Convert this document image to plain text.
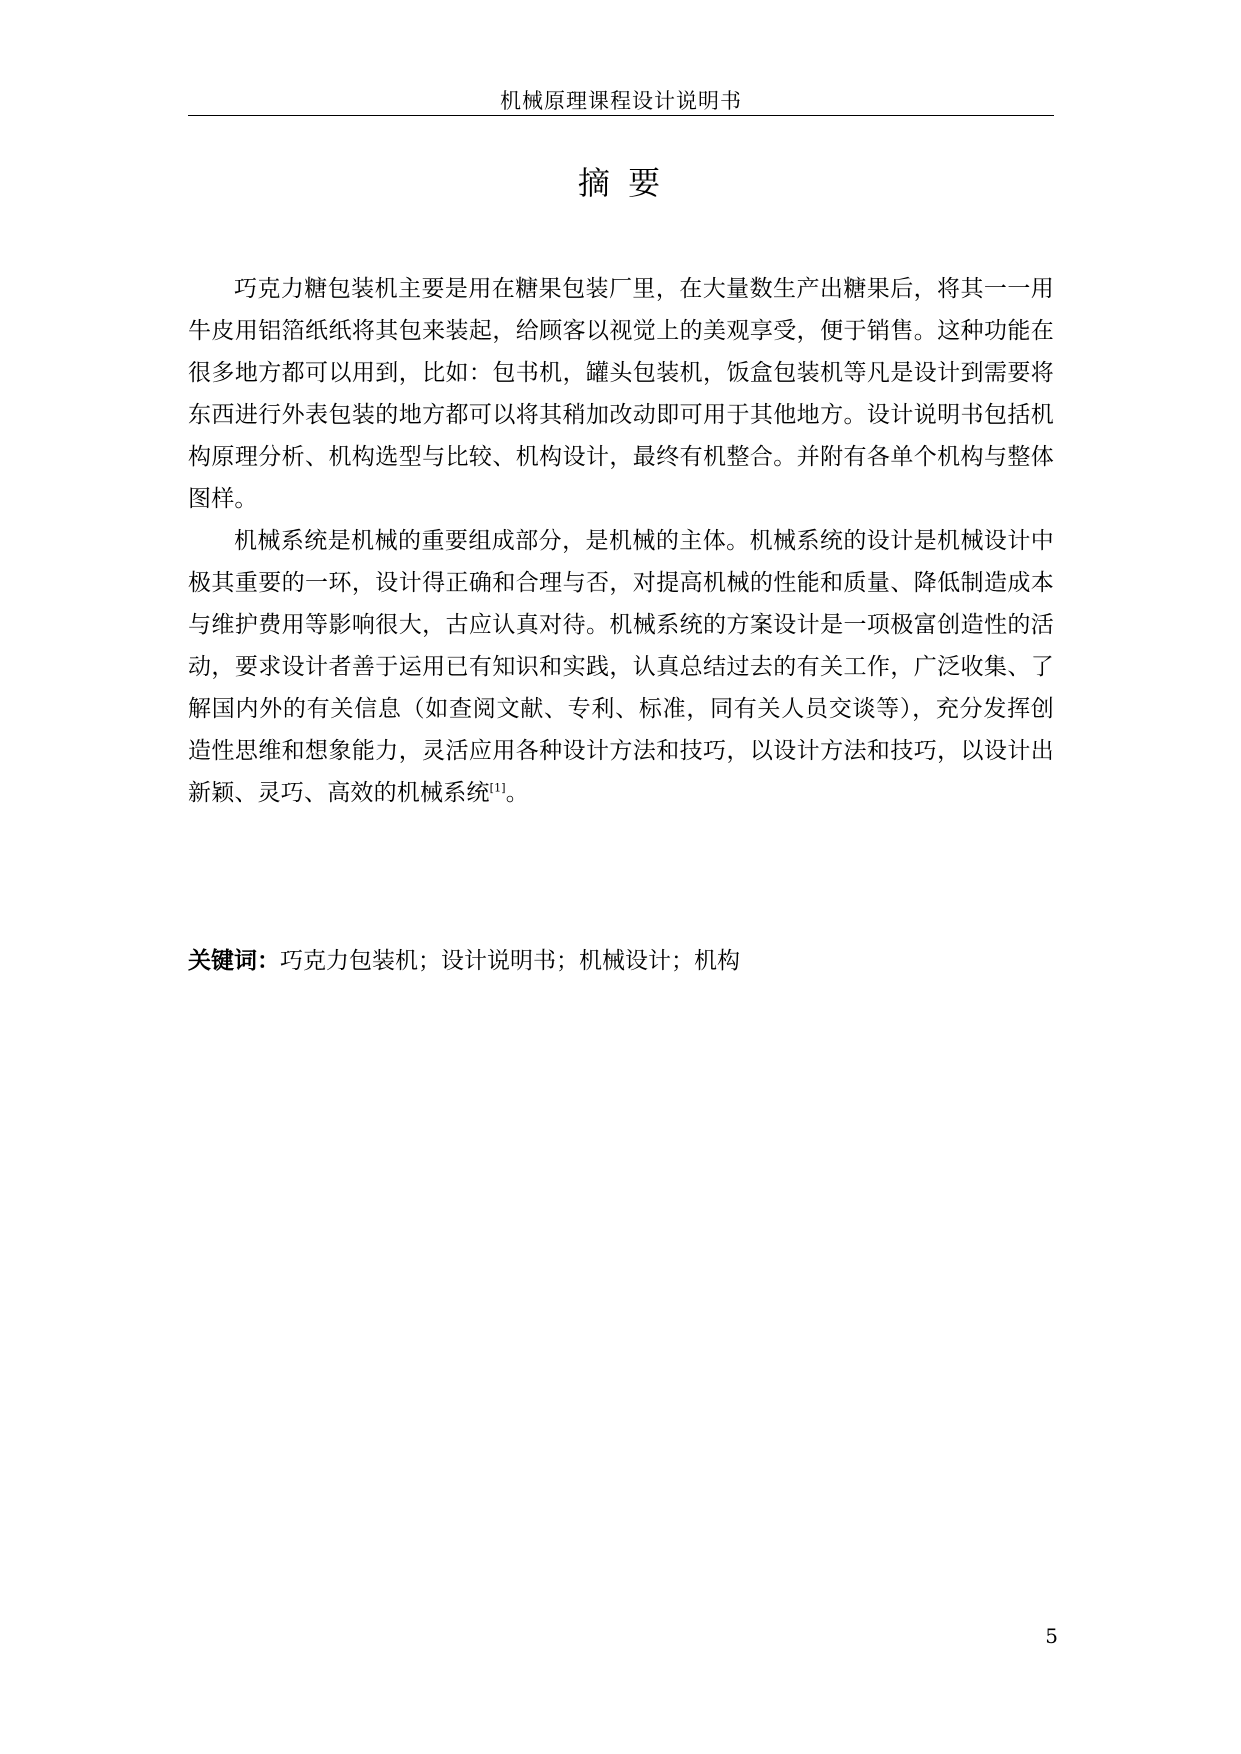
机械原理课程设计说明书
摘 要

巧克力糖包装机主要是用在糖果包装厂里，在大量数生产出糖果后，将其一一用牛皮用铝箔纸纸将其包来装起，给顾客以视觉上的美观享受，便于销售。这种功能在很多地方都可以用到，比如：包书机，罐头包装机，饭盒包装机等凡是设计到需要将东西进行外表包装的地方都可以将其稍加改动即可用于其他地方。设计说明书包括机构原理分析、机构选型与比较、机构设计，最终有机整合。并附有各单个机构与整体图样。

机械系统是机械的重要组成部分，是机械的主体。机械系统的设计是机械设计中极其重要的一环，设计得正确和合理与否，对提高机械的性能和质量、降低制造成本与维护费用等影响很大，古应认真对待。机械系统的方案设计是一项极富创造性的活动，要求设计者善于运用已有知识和实践，认真总结过去的有关工作，广泛收集、了解国内外的有关信息（如查阅文献、专利、标准，同有关人员交谈等），充分发挥创造性思维和想象能力，灵活应用各种设计方法和技巧，以设计方法和技巧，以设计出新颖、灵巧、高效的机械系统[1]。

关键词：巧克力包装机；设计说明书；机械设计；机构
5
